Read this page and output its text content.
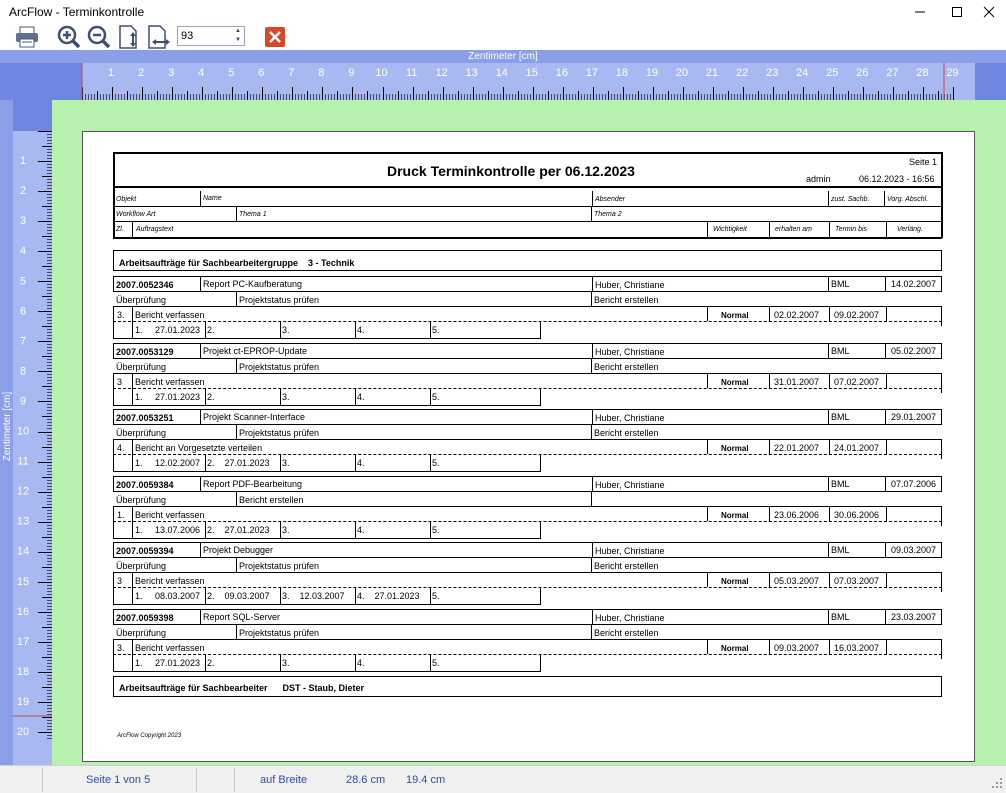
ArcFlow - Terminkontrolle
93	▲
▼
Zentimeter [cm]
1 2 3 4 5 6 7 8 9 10 11 12 13 14 15 16 17 18 19 20 21 22 23 24 25 26 27 28 29
Zentimeter [cm]
1
2
3
4
5
6
7
8
9
10
11
12
13
14
15
16
17
18
19
20
Druck Terminkontrolle per 06.12.2023
Seite 1
admin	06.12.2023 - 16:56
Objekt	Name	Absender	zust. Sachb. Vorg. Abschl.
Workflow Art	Thema 1	Thema 2
Zl. Auftragstext	Wichtigkeit	erhalten am	Termin bis	Verläng.
Arbeitsaufträge für Sachbearbeitergruppe    3 - Technik
2007.0052346	Report PC-Kaufberatung	Huber, Christiane	BML	14.02.2007
Überprüfung	Projektstatus prüfen	Bericht erstellen
3. Bericht verfassen	Normal	02.02.2007 09.02.2007
1.     27.01.2023 2.	3.	4.	5.
2007.0053129	Projekt ct-EPROP-Update	Huber, Christiane	BML	05.02.2007
Überprüfung	Projektstatus prüfen	Bericht erstellen
3 Bericht verfassen	Normal	31.01.2007 07.02.2007
1.     27.01.2023 2.	3.	4.	5.
2007.0053251	Projekt Scanner-Interface	Huber, Christiane	BML	29.01.2007
Überprüfung	Projektstatus prüfen	Bericht erstellen
4. Bericht an Vorgesetzte verteilen	Normal	22.01.2007 24.01.2007
1.     12.02.2007 2.    27.01.2023 3.	4.	5.
2007.0059384	Report PDF-Bearbeitung	Huber, Christiane	BML	07.07.2006
Überprüfung	Bericht erstellen
1. Bericht verfassen	Normal	23.06.2006 30.06.2006
1.     13.07.2006 2.    27.01.2023 3.	4.	5.
2007.0059394	Projekt Debugger	Huber, Christiane	BML	09.03.2007
Überprüfung	Projektstatus prüfen	Bericht erstellen
3 Bericht verfassen	Normal	05.03.2007 07.03.2007
1.     08.03.2007 2.    09.03.2007 3.    12.03.2007 4.    27.01.2023 5.
2007.0059398	Report SQL-Server	Huber, Christiane	BML	23.03.2007
Überprüfung	Projektstatus prüfen	Bericht erstellen
3. Bericht verfassen	Normal	09.03.2007 16.03.2007
1.     27.01.2023 2.	3.	4.	5.
Arbeitsaufträge für Sachbearbeiter      DST - Staub, Dieter
ArcFlow Copyright 2023
Seite 1 von 5	auf Breite	28.6 cm 19.4 cm
